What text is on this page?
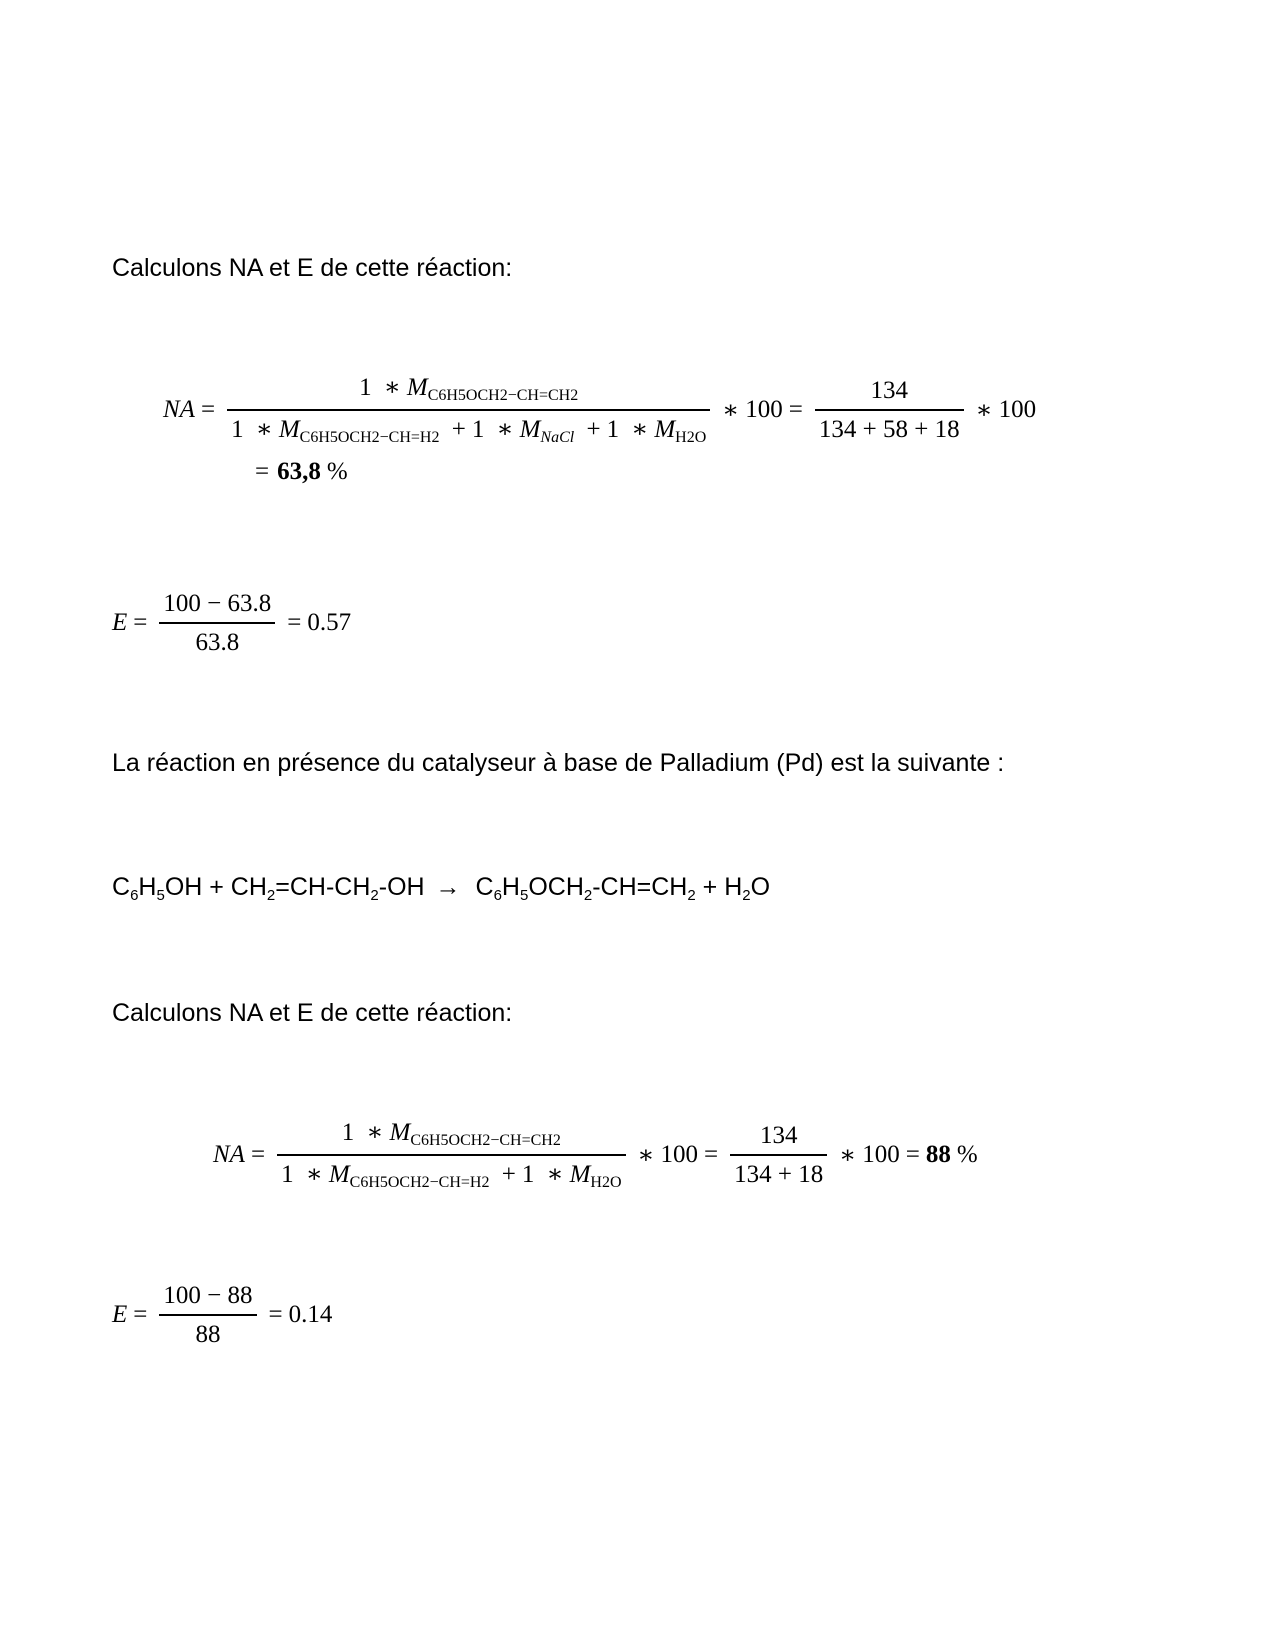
Calculons NA et E de cette réaction:
NA =
1 ∗ $M_{C6H5OCH2-CH=CH2}$
1 ∗ $M_{C6H5OCH2-CH=H2} + 1$ ∗ $M_{NaCl} + 1$ ∗ $M_{H2O}$
∗ $100 = \frac{134}{134 + 58 + 18}$ ∗ 100
= 63,8 %
$E = \frac{100 - 63.8}{63.8} = 0.57$
La réaction en présence du catalyseur à base de Palladium (Pd) est la suivante :
$C_6H_5OH + CH_2=CH-CH_2-OH \to C_6H_5OCH_2-CH=CH_2 + H_2O$
Calculons NA et E de cette réaction:
NA = $\frac{1 ∗ M_{C6H5OCH2-CH=CH2}}{1 ∗ M_{C6H5OCH2-CH=H2} + 1 ∗ M_{H2O}}$ ∗ $100 = \frac{134}{134 + 18}$ ∗ 100 = 88 %
$E = \frac{100 - 88}{88} = 0.14$
